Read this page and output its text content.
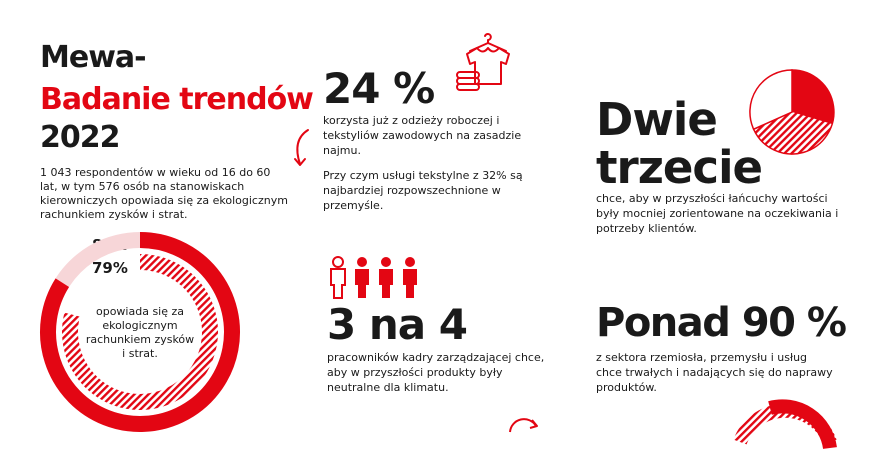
Mewa-
Badanie trendów
2022
1 043 respondentów w wieku od 16 do 60 lat, w tym 576 osób na stanowiskach kierowniczych opowiada się za ekologicznym rachunkiem zysków i strat.
84%
79%
opowiada się za ekologicznym rachunkiem zysków i strat.
24 %
korzysta już z odzieży roboczej i tekstyliów zawodowych na zasadzie najmu.
Przy czym usługi tekstylne z 32% są najbardziej rozpowszechnione w przemyśle.
3 na 4
pracowników kadry zarządzającej chce, aby w przyszłości produkty były neutralne dla klimatu.
Dwie
trzecie
chce, aby w przyszłości łańcuchy wartości były mocniej zorientowane na oczekiwania i potrzeby klientów.
Ponad 90 %
z sektora rzemiosła, przemysłu i usług chce trwałych i nadających się do naprawy produktów.
